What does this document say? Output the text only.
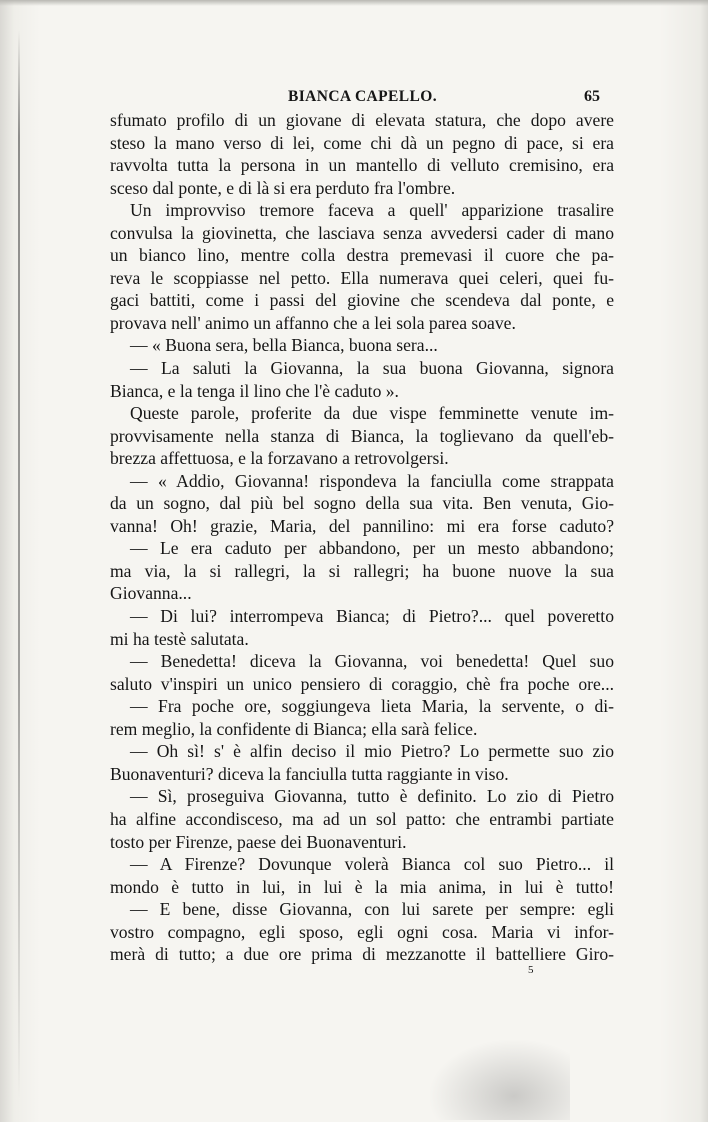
BIANCA CAPELLO.	65
sfumato profilo di un giovane di elevata statura, che dopo avere
steso la mano verso di lei, come chi dà un pegno di pace, si era
ravvolta tutta la persona in un mantello di velluto cremisino, era
sceso dal ponte, e di là si era perduto fra l'ombre.
Un improvviso tremore faceva a quell' apparizione trasalire
convulsa la giovinetta, che lasciava senza avvedersi cader di mano
un bianco lino, mentre colla destra premevasi il cuore che pa-
reva le scoppiasse nel petto. Ella numerava quei celeri, quei fu-
gaci battiti, come i passi del giovine che scendeva dal ponte, e
provava nell' animo un affanno che a lei sola parea soave.
— « Buona sera, bella Bianca, buona sera...
— La saluti la Giovanna, la sua buona Giovanna, signora
Bianca, e la tenga il lino che l'è caduto ».
Queste parole, proferite da due vispe femminette venute im-
provvisamente nella stanza di Bianca, la toglievano da quell'eb-
brezza affettuosa, e la forzavano a retrovolgersi.
— « Addio, Giovanna! rispondeva la fanciulla come strappata
da un sogno, dal più bel sogno della sua vita. Ben venuta, Gio-
vanna! Oh! grazie, Maria, del pannilino: mi era forse caduto?
— Le era caduto per abbandono, per un mesto abbandono;
ma via, la si rallegri, la si rallegri; ha buone nuove la sua
Giovanna...
— Di lui? interrompeva Bianca; di Pietro?... quel poveretto
mi ha testè salutata.
— Benedetta! diceva la Giovanna, voi benedetta! Quel suo
saluto v'inspiri un unico pensiero di coraggio, chè fra poche ore...
— Fra poche ore, soggiungeva lieta Maria, la servente, o di-
rem meglio, la confidente di Bianca; ella sarà felice.
— Oh sì! s' è alfin deciso il mio Pietro? Lo permette suo zio
Buonaventuri? diceva la fanciulla tutta raggiante in viso.
— Sì, proseguiva Giovanna, tutto è definito. Lo zio di Pietro
ha alfine accondisceso, ma ad un sol patto: che entrambi partiate
tosto per Firenze, paese dei Buonaventuri.
— A Firenze? Dovunque volerà Bianca col suo Pietro... il
mondo è tutto in lui, in lui è la mia anima, in lui è tutto!
— E bene, disse Giovanna, con lui sarete per sempre: egli
vostro compagno, egli sposo, egli ogni cosa. Maria vi infor-
merà di tutto; a due ore prima di mezzanotte il battelliere Giro-
5
